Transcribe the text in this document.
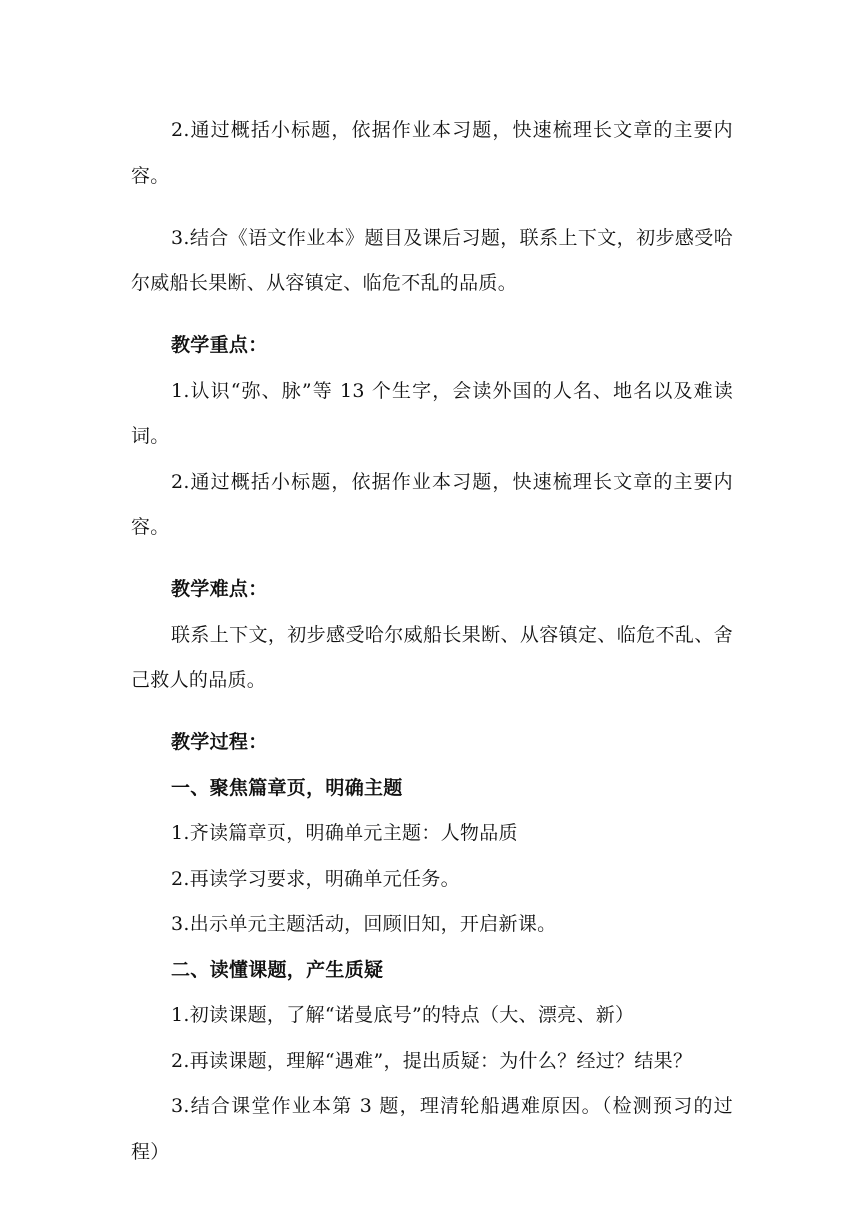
2.通过概括小标题，依据作业本习题，快速梳理长文章的主要内容。

3.结合《语文作业本》题目及课后习题，联系上下文，初步感受哈尔威船长果断、从容镇定、临危不乱的品质。

教学重点：

1.认识“弥、脉”等 13 个生字，会读外国的人名、地名以及难读词。

2.通过概括小标题，依据作业本习题，快速梳理长文章的主要内容。

教学难点：

联系上下文，初步感受哈尔威船长果断、从容镇定、临危不乱、舍己救人的品质。

教学过程：

一、聚焦篇章页，明确主题

1.齐读篇章页，明确单元主题：人物品质

2.再读学习要求，明确单元任务。

3.出示单元主题活动，回顾旧知，开启新课。

二、读懂课题，产生质疑

1.初读课题，了解“诺曼底号”的特点（大、漂亮、新）

2.再读课题，理解“遇难”，提出质疑：为什么？经过？结果？

3.结合课堂作业本第 3 题，理清轮船遇难原因。（检测预习的过程）
